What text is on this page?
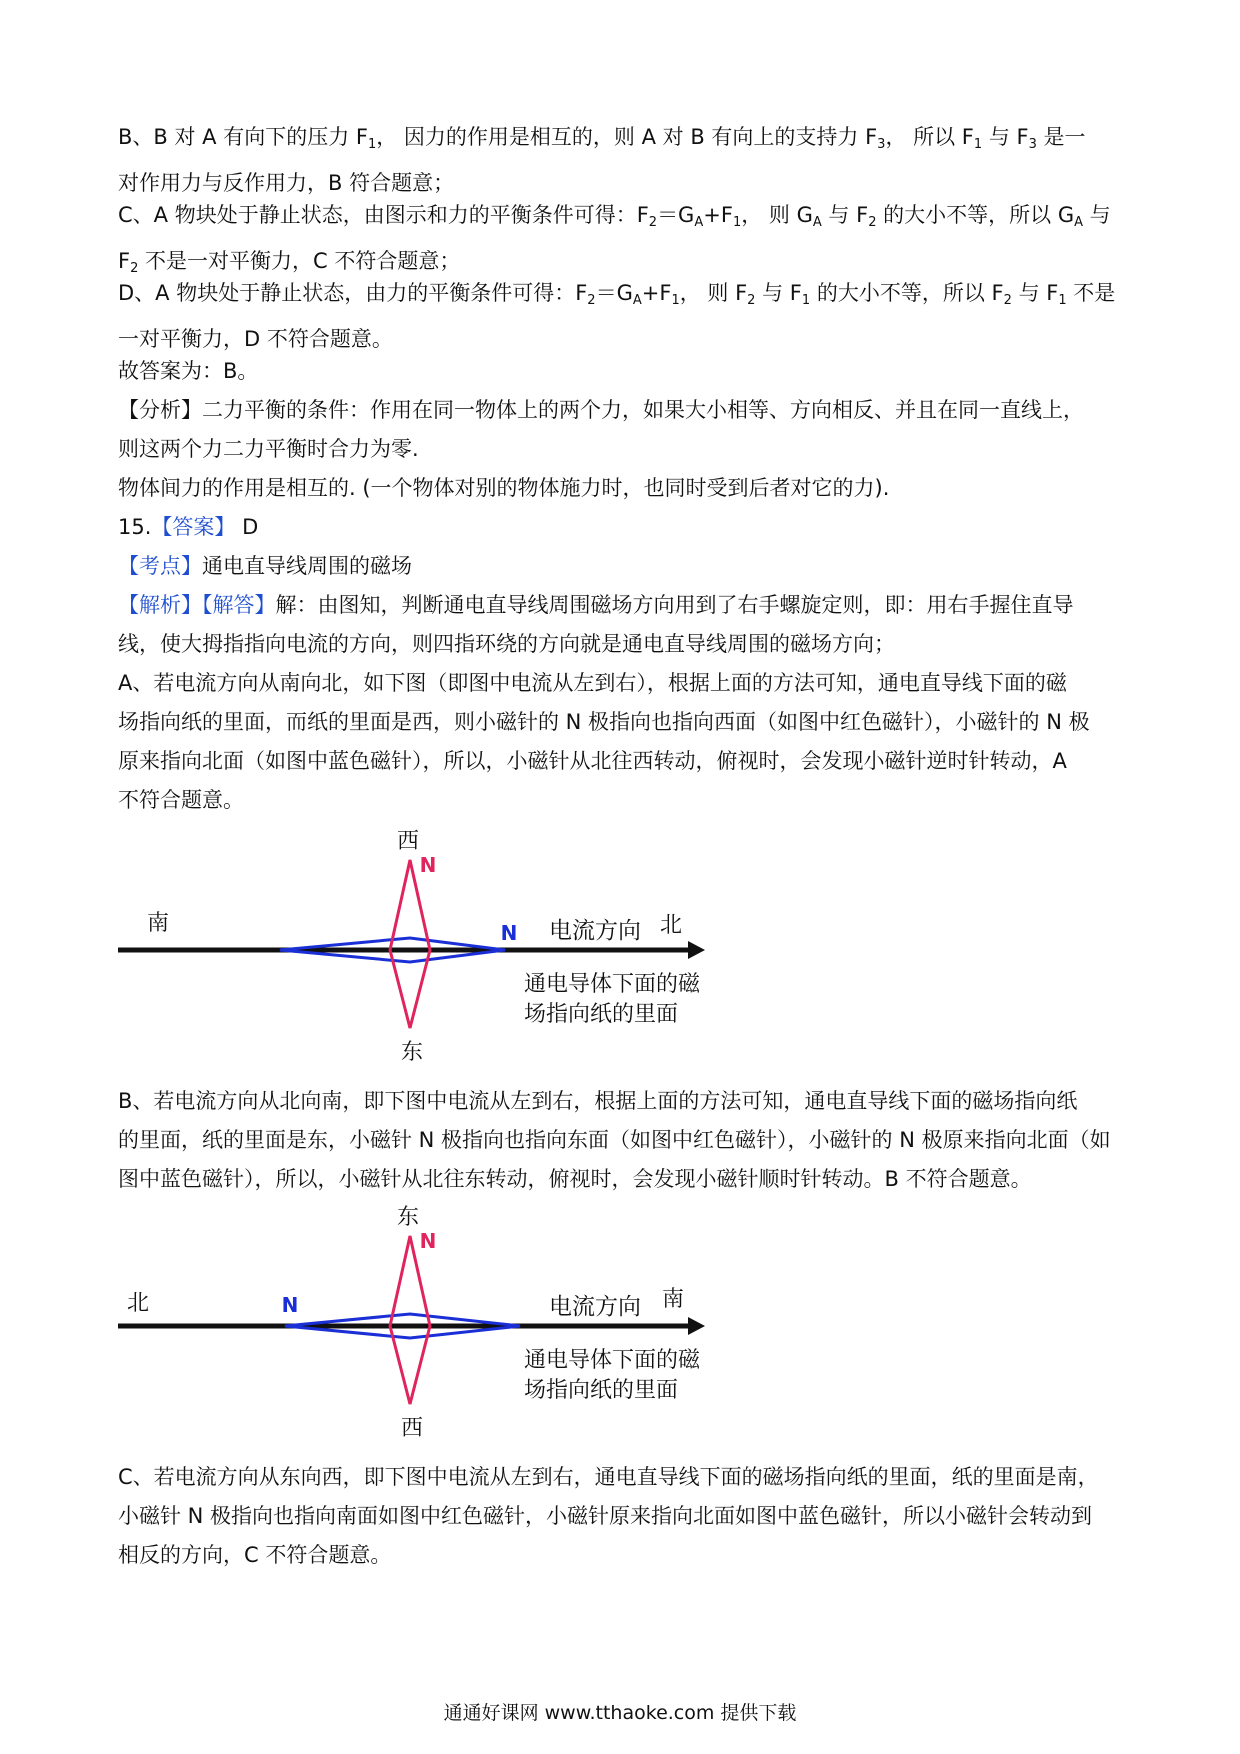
B、B 对 A 有向下的压力 $F_1$， 因力的作用是相互的，则 A 对 B 有向上的支持力 $F_3$， 所以 $F_1$ 与 $F_3$ 是一
对作用力与反作用力，B 符合题意；

C、A 物块处于静止状态，由图示和力的平衡条件可得：$F_2=G_A+F_1$， 则 $G_A$ 与 $F_2$ 的大小不等，所以 $G_A$ 与
$F_2$ 不是一对平衡力，C 不符合题意；

D、A 物块处于静止状态，由力的平衡条件可得：$F_2=G_A+F_1$， 则 $F_2$ 与 $F_1$ 的大小不等，所以 $F_2$ 与 $F_1$ 不是
一对平衡力，D 不符合题意。

故答案为：B。

【分析】二力平衡的条件：作用在同一物体上的两个力，如果大小相等、方向相反、并且在同一直线上，
则这两个力二力平衡时合力为零.
物体间力的作用是相互的. (一个物体对别的物体施力时，也同时受到后者对它的力).

15.【答案】 D
【考点】通电直导线周围的磁场
【解析】【解答】解：由图知，判断通电直导线周围磁场方向用到了右手螺旋定则，即：用右手握住直导
线，使大拇指指向电流的方向，则四指环绕的方向就是通电直导线周围的磁场方向；
A、若电流方向从南向北，如下图（即图中电流从左到右），根据上面的方法可知，通电直导线下面的磁
场指向纸的里面，而纸的里面是西，则小磁针的 N 极指向也指向西面（如图中红色磁针），小磁针的 N 极
原来指向北面（如图中蓝色磁针），所以，小磁针从北往西转动，俯视时，会发现小磁针逆时针转动，A
不符合题意。

西
N
南	N 电流方向 北
通电导体下面的磁
场指向纸的里面
东

B、若电流方向从北向南，即下图中电流从左到右，根据上面的方法可知，通电直导线下面的磁场指向纸
的里面，纸的里面是东，小磁针 N 极指向也指向东面（如图中红色磁针），小磁针的 N 极原来指向北面（如
图中蓝色磁针），所以，小磁针从北往东转动，俯视时，会发现小磁针顺时针转动。B 不符合题意。

东
N
北	N	电流方向 南
通电导体下面的磁
场指向纸的里面
西

C、若电流方向从东向西，即下图中电流从左到右，通电直导线下面的磁场指向纸的里面，纸的里面是南，
小磁针 N 极指向也指向南面如图中红色磁针，小磁针原来指向北面如图中蓝色磁针，所以小磁针会转动到
相反的方向，C 不符合题意。

通通好课网 www.tthaoke.com 提供下载
